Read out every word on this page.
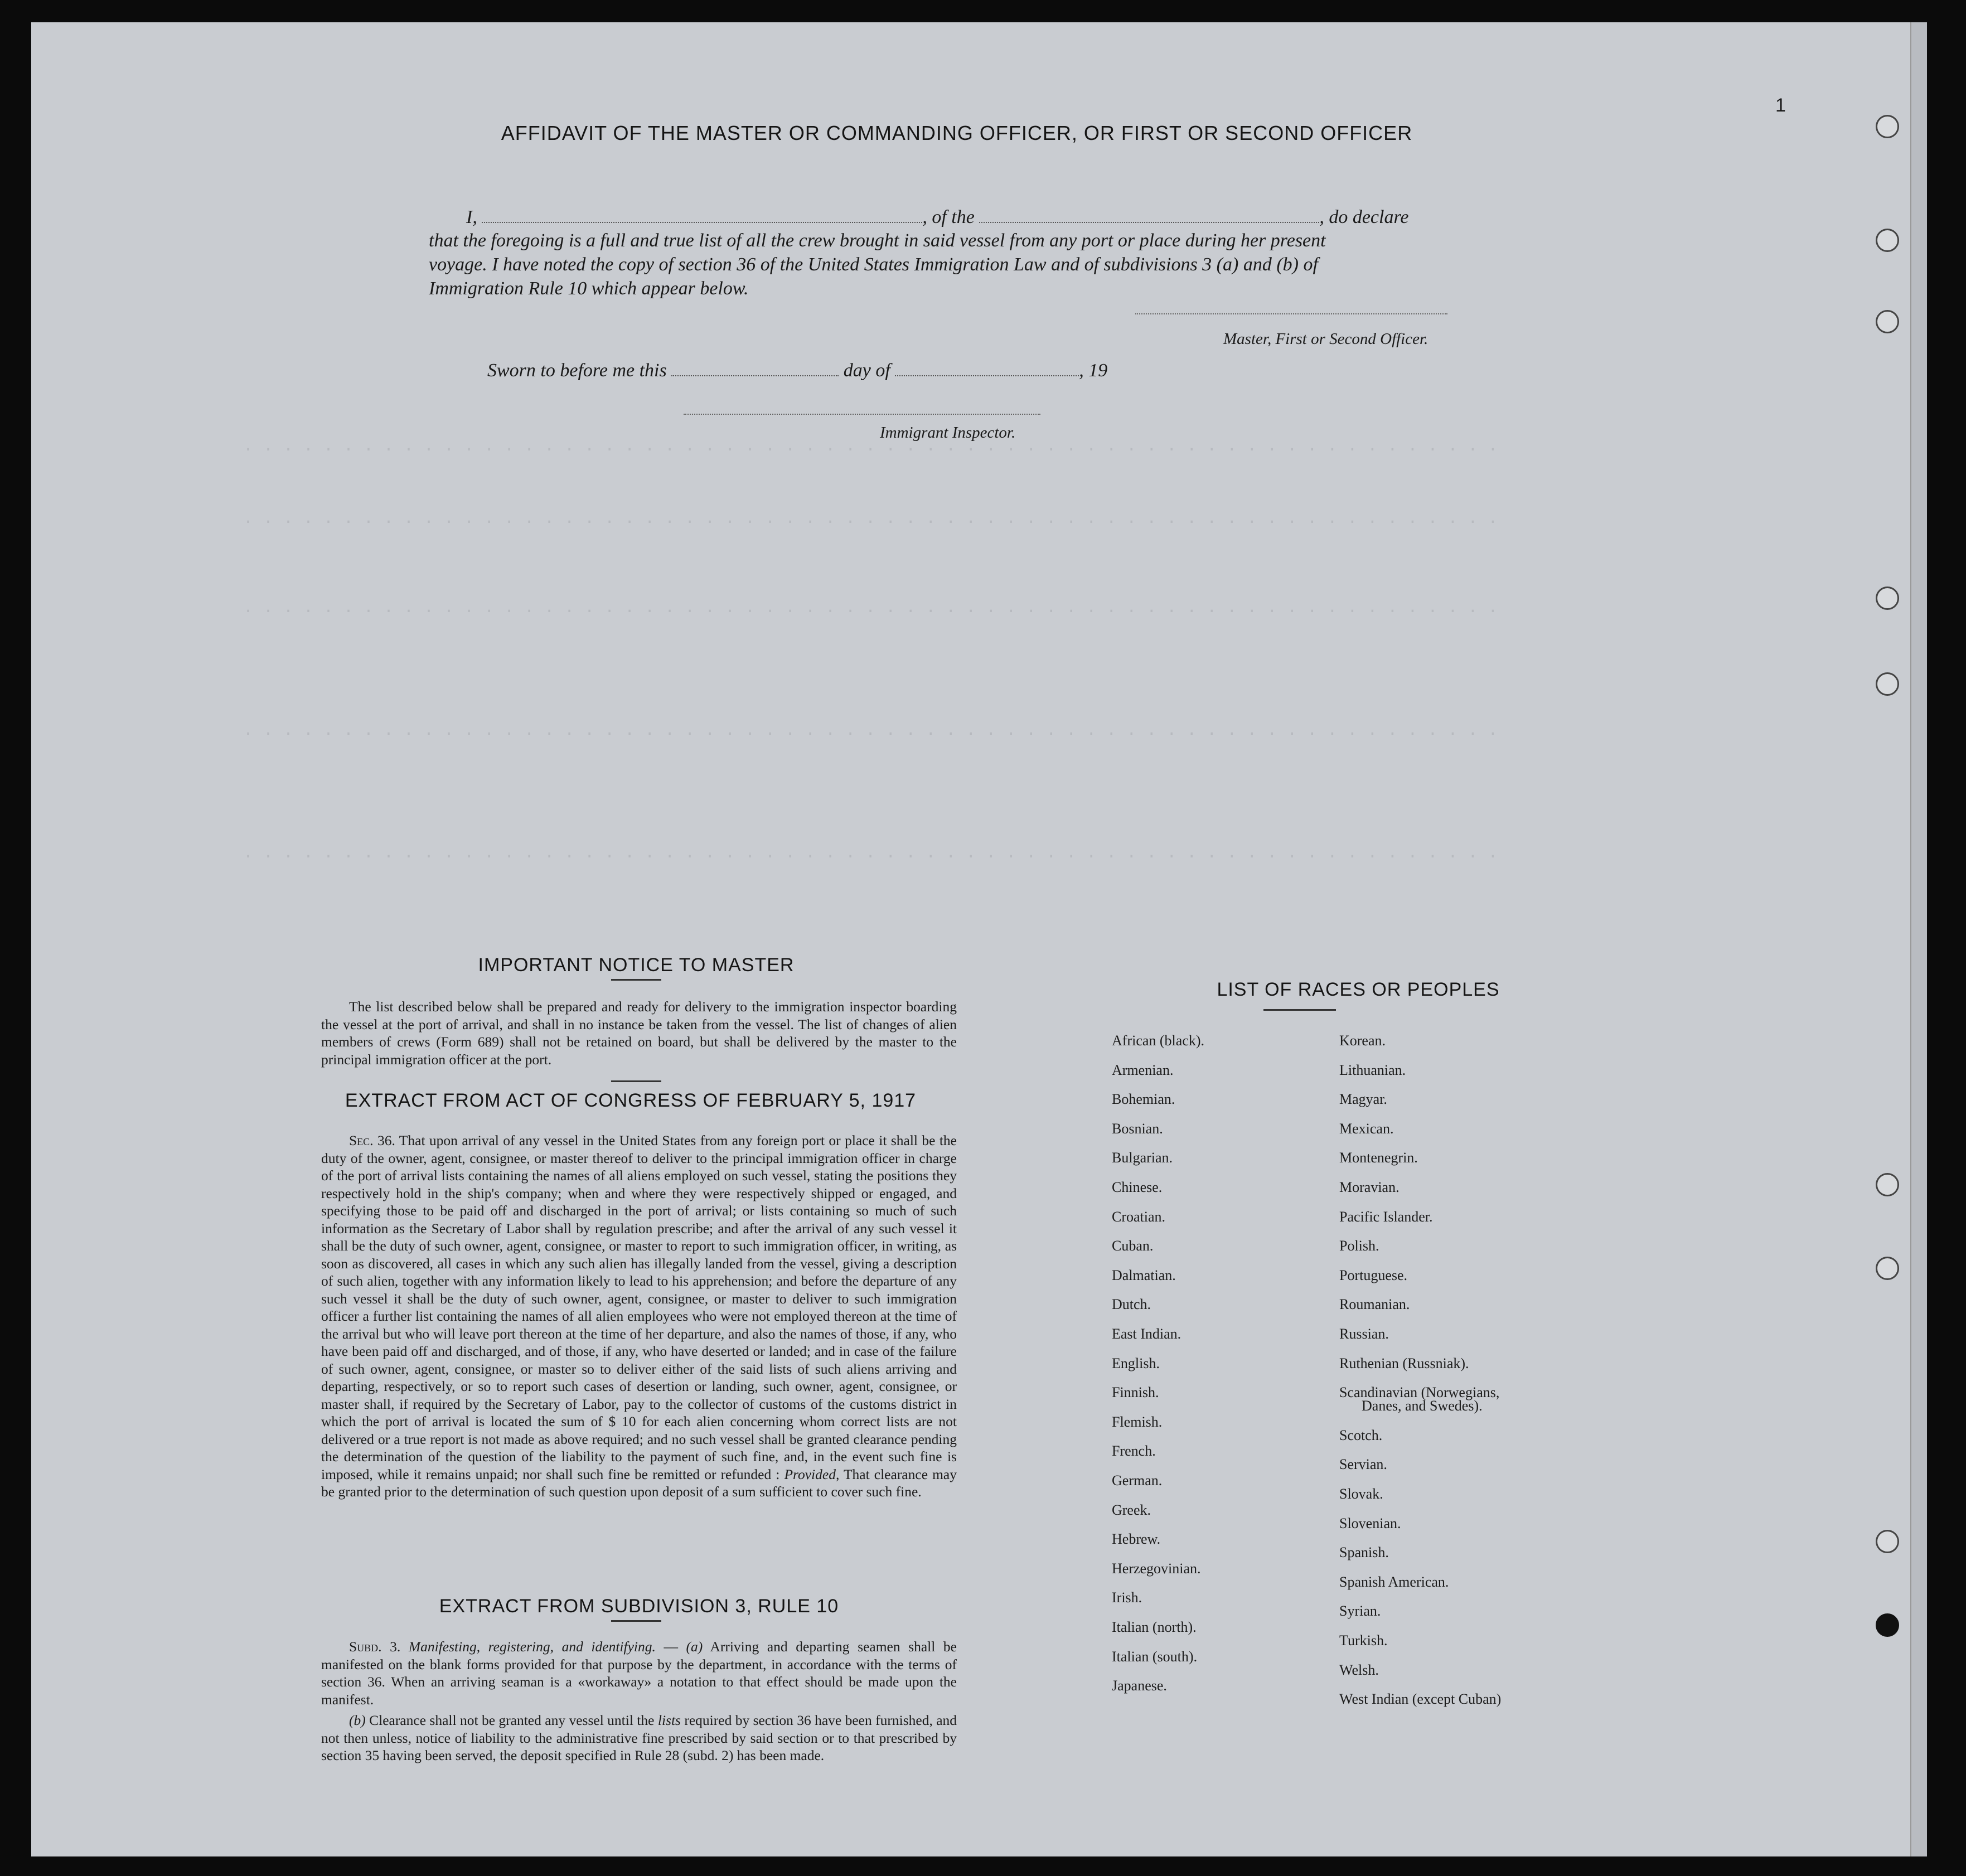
· · · · · · · · · · · · · · · · · · · · · · · · · · · · · · · · · · · · · · · · · · · · · · · · · · · · · · · · · · · · · · ·
· · · · · · · · · · · · · · · · · · · · · · · · · · · · · · · · · · · · · · · · · · · · · · · · · · · · · · · · · · · · · · ·
· · · · · · · · · · · · · · · · · · · · · · · · · · · · · · · · · · · · · · · · · · · · · · · · · · · · · · · · · · · · · · ·
· · · · · · · · · · · · · · · · · · · · · · · · · · · · · · · · · · · · · · · · · · · · · · · · · · · · · · · · · · · · · · ·
· · · · · · · · · · · · · · · · · · · · · · · · · · · · · · · · · · · · · · · · · · · · · · · · · · · · · · · · · · · · · · ·
1
AFFIDAVIT OF THE MASTER OR COMMANDING OFFICER, OR FIRST OR SECOND OFFICER
I,	, of the	, do declare
that the foregoing is a full and true list of all the crew brought in said vessel from any port or place during her present
voyage. I have noted the copy of section 36 of the United States Immigration Law and of subdivisions 3 (a) and (b) of
Immigration Rule 10 which appear below.
Master, First or Second Officer.
Sworn to before me this	day of	, 19
Immigrant Inspector.
IMPORTANT NOTICE TO MASTER
The list described below shall be prepared and ready for delivery to the immigration inspector boarding the vessel at the port of arrival, and shall in no instance be taken from the vessel. The list of changes of alien members of crews (Form 689) shall not be retained on board, but shall be delivered by the master to the principal immigration officer at the port.
EXTRACT FROM ACT OF CONGRESS OF FEBRUARY 5, 1917
Sec. 36. That upon arrival of any vessel in the United States from any foreign port or place it shall be the duty of the owner, agent, consignee, or master thereof to deliver to the principal immigration officer in charge of the port of arrival lists containing the names of all aliens employed on such vessel, stating the positions they respectively hold in the ship's company; when and where they were respectively shipped or engaged, and specifying those to be paid off and discharged in the port of arrival; or lists containing so much of such information as the Secretary of Labor shall by regulation prescribe; and after the arrival of any such vessel it shall be the duty of such owner, agent, consignee, or master to report to such immigration officer, in writing, as soon as discovered, all cases in which any such alien has illegally landed from the vessel, giving a description of such alien, together with any information likely to lead to his apprehension; and before the departure of any such vessel it shall be the duty of such owner, agent, consignee, or master to deliver to such immigration officer a further list containing the names of all alien employees who were not employed thereon at the time of the arrival but who will leave port thereon at the time of her departure, and also the names of those, if any, who have been paid off and discharged, and of those, if any, who have deserted or landed; and in case of the failure of such owner, agent, consignee, or master so to deliver either of the said lists of such aliens arriving and departing, respectively, or so to report such cases of desertion or landing, such owner, agent, consignee, or master shall, if required by the Secretary of Labor, pay to the collector of customs of the customs district in which the port of arrival is located the sum of $ 10 for each alien concerning whom correct lists are not delivered or a true report is not made as above required; and no such vessel shall be granted clearance pending the determination of the question of the liability to the payment of such fine, and, in the event such fine is imposed, while it remains unpaid; nor shall such fine be remitted or refunded : Provided, That clearance may be granted prior to the determination of such question upon deposit of a sum sufficient to cover such fine.
EXTRACT FROM SUBDIVISION 3, RULE 10
Subd. 3. Manifesting, registering, and identifying. — (a) Arriving and departing seamen shall be manifested on the blank forms provided for that purpose by the department, in accordance with the terms of section 36. When an arriving seaman is a «workaway» a notation to that effect should be made upon the manifest.
(b) Clearance shall not be granted any vessel until the lists required by section 36 have been furnished, and not then unless, notice of liability to the administrative fine prescribed by said section or to that prescribed by section 35 having been served, the deposit specified in Rule 28 (subd. 2) has been made.
LIST OF RACES OR PEOPLES
African (black).
Armenian.
Bohemian.
Bosnian.
Bulgarian.
Chinese.
Croatian.
Cuban.
Dalmatian.
Dutch.
East Indian.
English.
Finnish.
Flemish.
French.
German.
Greek.
Hebrew.
Herzegovinian.
Irish.
Italian (north).
Italian (south).
Japanese.
Korean.
Lithuanian.
Magyar.
Mexican.
Montenegrin.
Moravian.
Pacific Islander.
Polish.
Portuguese.
Roumanian.
Russian.
Ruthenian (Russniak).
Scandinavian (Norwegians,
Danes, and Swedes).
Scotch.
Servian.
Slovak.
Slovenian.
Spanish.
Spanish American.
Syrian.
Turkish.
Welsh.
West Indian (except Cuban)
